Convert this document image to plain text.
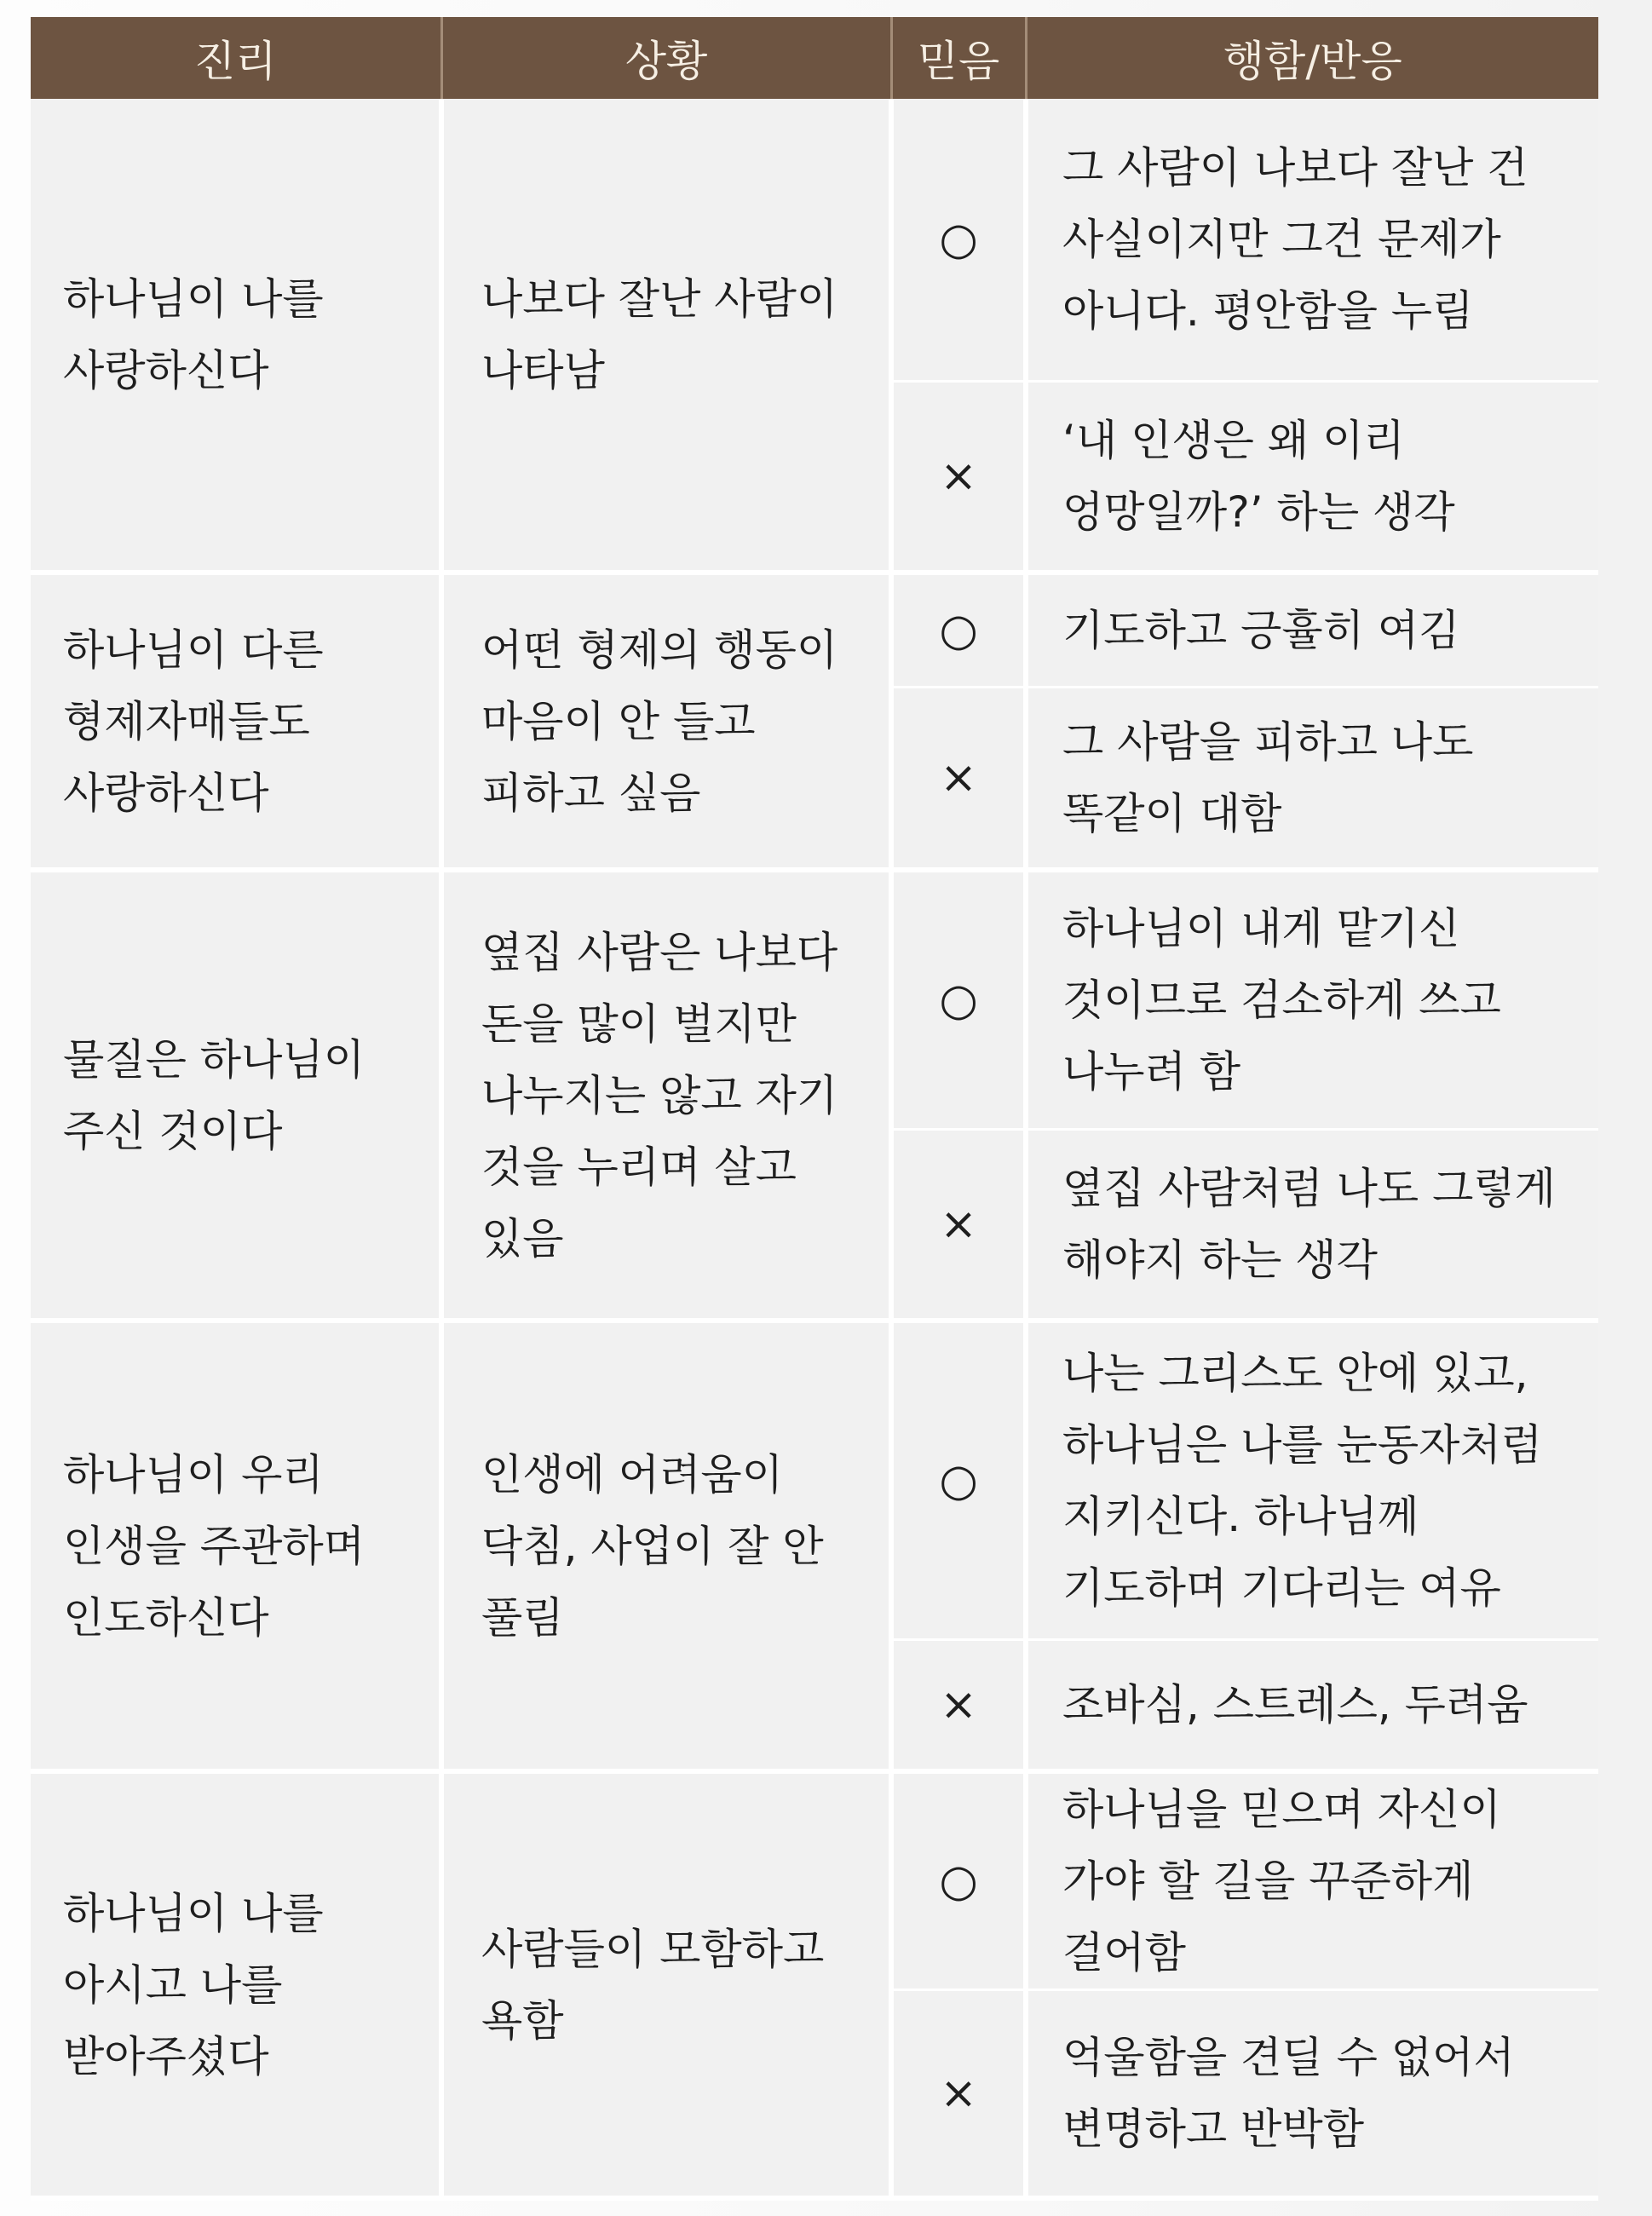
진리	상황	믿음	행함/반응
하나님이 나를 사랑하신다	나보다 잘난 사람이 나타남	○	그 사람이 나보다 잘난 건 사실이지만 그건 문제가 아니다. 평안함을 누림
		×	‘내 인생은 왜 이리 엉망일까?’ 하는 생각
하나님이 다른 형제자매들도 사랑하신다	어떤 형제의 행동이 마음이 안 들고 피하고 싶음	○	기도하고 긍휼히 여김
		×	그 사람을 피하고 나도 똑같이 대함
물질은 하나님이 주신 것이다	옆집 사람은 나보다 돈을 많이 벌지만 나누지는 않고 자기 것을 누리며 살고 있음	○	하나님이 내게 맡기신 것이므로 검소하게 쓰고 나누려 함
		×	옆집 사람처럼 나도 그렇게 해야지 하는 생각
하나님이 우리 인생을 주관하며 인도하신다	인생에 어려움이 닥침, 사업이 잘 안 풀림	○	나는 그리스도 안에 있고, 하나님은 나를 눈동자처럼 지키신다. 하나님께 기도하며 기다리는 여유
		×	조바심, 스트레스, 두려움
하나님이 나를 아시고 나를 받아주셨다	사람들이 모함하고 욕함	○	하나님을 믿으며 자신이 가야 할 길을 꾸준하게 걸어함
		×	억울함을 견딜 수 없어서 변명하고 반박함
